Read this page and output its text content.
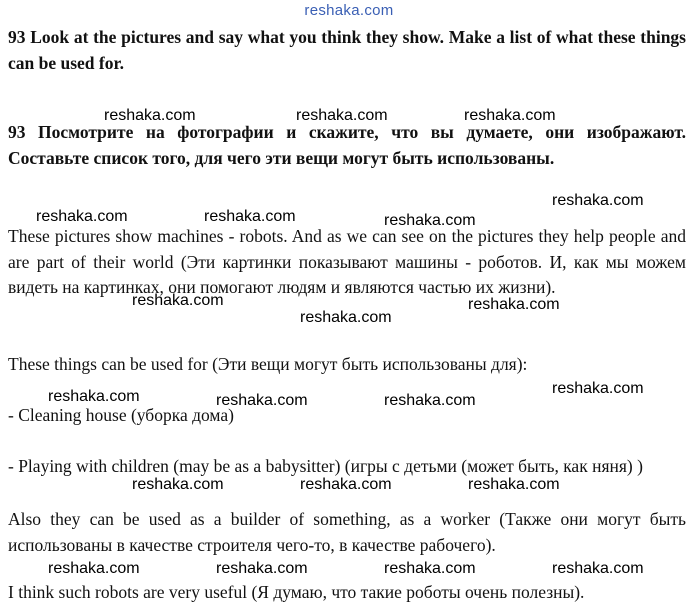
reshaka.com
93 Look at the pictures and say what you think they show. Make a list of what these things can be used for.
93 Посмотрите на фотографии и скажите, что вы думаете, они изображают. Составьте список того, для чего эти вещи могут быть использованы.
These pictures show machines - robots. And as we can see on the pictures they help people and are part of their world (Эти картинки показывают машины - роботов. И, как мы можем видеть на картинках, они помогают людям и являются частью их жизни).
These things can be used for (Эти вещи могут быть использованы для):
- Cleaning house (уборка дома)
- Playing with children (may be as a babysitter) (игры с детьми (может быть, как няня) )
Also they can be used as a builder of something, as a worker (Также они могут быть использованы в качестве строителя чего-то, в качестве рабочего).
I think such robots are very useful (Я думаю, что такие роботы очень полезны).
reshaka.com	reshaka.com	reshaka.com
reshaka.com
reshaka.com	reshaka.com	reshaka.com
reshaka.com	reshaka.com
reshaka.com
reshaka.com
reshaka.com	reshaka.com	reshaka.com
reshaka.com	reshaka.com	reshaka.com
reshaka.com	reshaka.com	reshaka.com	reshaka.com
